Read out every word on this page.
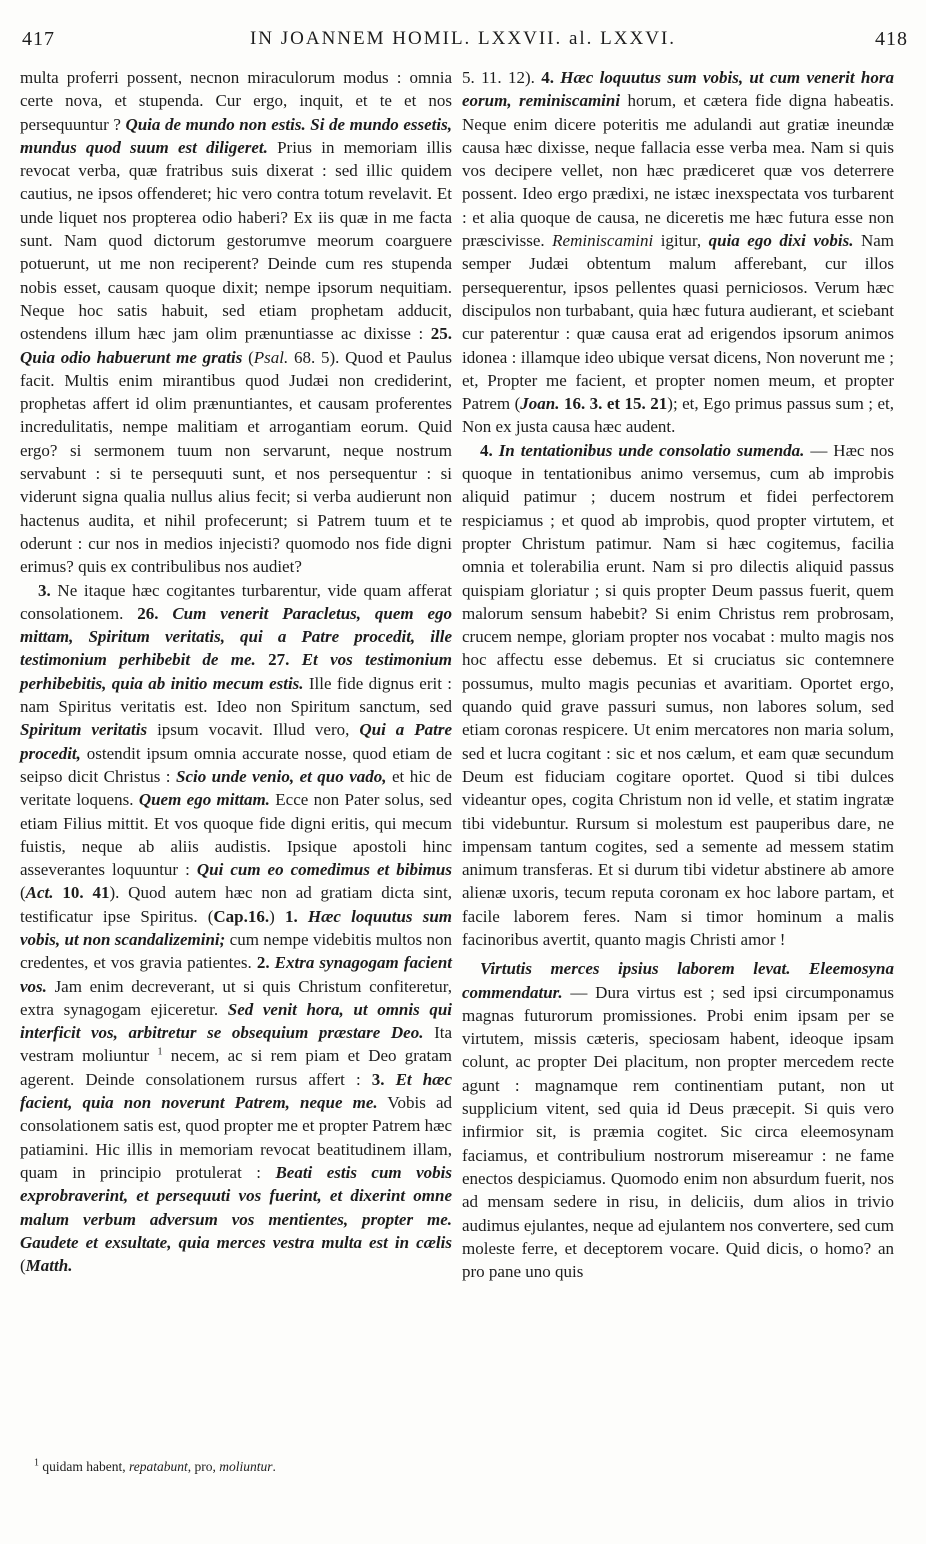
417	IN JOANNEM HOMIL. LXXVII. al. LXXVI.	418

multa proferri possent, necnon miraculorum modus : omnia certe nova, et stupenda. Cur ergo, inquit, et te et nos persequuntur ? Quia de mundo non estis. Si de mundo essetis, mundus quod suum est diligeret. Prius in memoriam illis revocat verba, quæ fratribus suis dixerat : sed illic quidem cautius, ne ipsos offenderet; hic vero contra totum revelavit. Et unde liquet nos propterea odio haberi? Ex iis quæ in me facta sunt. Nam quod dictorum gestorumve meorum coarguere potuerunt, ut me non reciperent? Deinde cum res stupenda nobis esset, causam quoque dixit; nempe ipsorum nequitiam. Neque hoc satis habuit, sed etiam prophetam adducit, ostendens illum hæc jam olim prænuntiasse ac dixisse : 25. Quia odio habuerunt me gratis (Psal. 68. 5). Quod et Paulus facit. Multis enim mirantibus quod Judæi non crediderint, prophetas affert id olim prænuntiantes, et causam proferentes incredulitatis, nempe malitiam et arrogantiam eorum. Quid ergo? si sermonem tuum non servarunt, neque nostrum servabunt : si te persequuti sunt, et nos persequentur : si viderunt signa qualia nullus alius fecit; si verba audierunt non hactenus audita, et nihil profecerunt; si Patrem tuum et te oderunt : cur nos in medios injecisti? quomodo nos fide digni erimus? quis ex contribulibus nos audiet?

3. Ne itaque hæc cogitantes turbarentur, vide quam afferat consolationem. 26. Cum venerit Paracletus, quem ego mittam, Spiritum veritatis, qui a Patre procedit, ille testimonium perhibebit de me. 27. Et vos testimonium perhibebitis, quia ab initio mecum estis. Ille fide dignus erit : nam Spiritus veritatis est. Ideo non Spiritum sanctum, sed Spiritum veritatis ipsum vocavit. Illud vero, Qui a Patre procedit, ostendit ipsum omnia accurate nosse, quod etiam de seipso dicit Christus : Scio unde venio, et quo vado, et hic de veritate loquens. Quem ego mittam. Ecce non Pater solus, sed etiam Filius mittit. Et vos quoque fide digni eritis, qui mecum fuistis, neque ab aliis audistis. Ipsique apostoli hinc asseverantes loquuntur : Qui cum eo comedimus et bibimus (Act. 10. 41). Quod autem hæc non ad gratiam dicta sint, testificatur ipse Spiritus. (Cap.16.) 1. Hæc loquutus sum vobis, ut non scandalizemini; cum nempe videbitis multos non credentes, et vos gravia patientes. 2. Extra synagogam facient vos. Jam enim decreverant, ut si quis Christum confiteretur, extra synagogam ejiceretur. Sed venit hora, ut omnis qui interficit vos, arbitretur se obsequium præstare Deo. Ita vestram moliuntur $^1$ necem, ac si rem piam et Deo gratam agerent. Deinde consolationem rursus affert : 3. Et hæc facient, quia non noverunt Patrem, neque me. Vobis ad consolationem satis est, quod propter me et propter Patrem hæc patiamini. Hic illis in memoriam revocat beatitudinem illam, quam in principio protulerat : Beati estis cum vobis exprobraverint, et persequuti vos fuerint, et dixerint omne malum verbum adversum vos mentientes, propter me. Gaudete et exsultate, quia merces vestra multa est in cælis (Matth.

5. 11. 12). 4. Hæc loquutus sum vobis, ut cum venerit hora eorum, reminiscamini horum, et cætera fide digna habeatis. Neque enim dicere poteritis me adulandi aut gratiæ ineundæ causa hæc dixisse, neque fallacia esse verba mea. Nam si quis vos decipere vellet, non hæc prædiceret quæ vos deterrere possent. Ideo ergo prædixi, ne istæc inexspectata vos turbarent : et alia quoque de causa, ne diceretis me hæc futura esse non præscivisse. Reminiscamini igitur, quia ego dixi vobis. Nam semper Judæi obtentum malum afferebant, cur illos persequerentur, ipsos pellentes quasi perniciosos. Verum hæc discipulos non turbabant, quia hæc futura audierant, et sciebant cur paterentur : quæ causa erat ad erigendos ipsorum animos idonea : illamque ideo ubique versat dicens, Non noverunt me ; et, Propter me facient, et propter nomen meum, et propter Patrem (Joan. 16. 3. et 15. 21); et, Ego primus passus sum ; et, Non ex justa causa hæc audent.

4. In tentationibus unde consolatio sumenda. — Hæc nos quoque in tentationibus animo versemus, cum ab improbis aliquid patimur ; ducem nostrum et fidei perfectorem respiciamus ; et quod ab improbis, quod propter virtutem, et propter Christum patimur. Nam si hæc cogitemus, facilia omnia et tolerabilia erunt. Nam si pro dilectis aliquid passus quispiam gloriatur ; si quis propter Deum passus fuerit, quem malorum sensum habebit? Si enim Christus rem probrosam, crucem nempe, gloriam propter nos vocabat : multo magis nos hoc affectu esse debemus. Et si cruciatus sic contemnere possumus, multo magis pecunias et avaritiam. Oportet ergo, quando quid grave passuri sumus, non labores solum, sed etiam coronas respicere. Ut enim mercatores non maria solum, sed et lucra cogitant : sic et nos cælum, et eam quæ secundum Deum est fiduciam cogitare oportet. Quod si tibi dulces videantur opes, cogita Christum non id velle, et statim ingratæ tibi videbuntur. Rursum si molestum est pauperibus dare, ne impensam tantum cogites, sed a semente ad messem statim animum transferas. Et si durum tibi videtur abstinere ab amore alienæ uxoris, tecum reputa coronam ex hoc labore partam, et facile laborem feres. Nam si timor hominum a malis facinoribus avertit, quanto magis Christi amor !

Virtutis merces ipsius laborem levat. Eleemosyna commendatur. — Dura virtus est ; sed ipsi circumponamus magnas futurorum promissiones. Probi enim ipsam per se virtutem, missis cæteris, speciosam habent, ideoque ipsam colunt, ac propter Dei placitum, non propter mercedem recte agunt : magnamque rem continentiam putant, non ut supplicium vitent, sed quia id Deus præcepit. Si quis vero infirmior sit, is præmia cogitet. Sic circa eleemosynam faciamus, et contribulium nostrorum misereamur : ne fame enectos despiciamus. Quomodo enim non absurdum fuerit, nos ad mensam sedere in risu, in deliciis, dum alios in trivio audimus ejulantes, neque ad ejulantem nos convertere, sed cum moleste ferre, et deceptorem vocare. Quid dicis, o homo? an pro pane uno quis

$^1$ quidam habent, repatabunt, pro, moliuntur.
